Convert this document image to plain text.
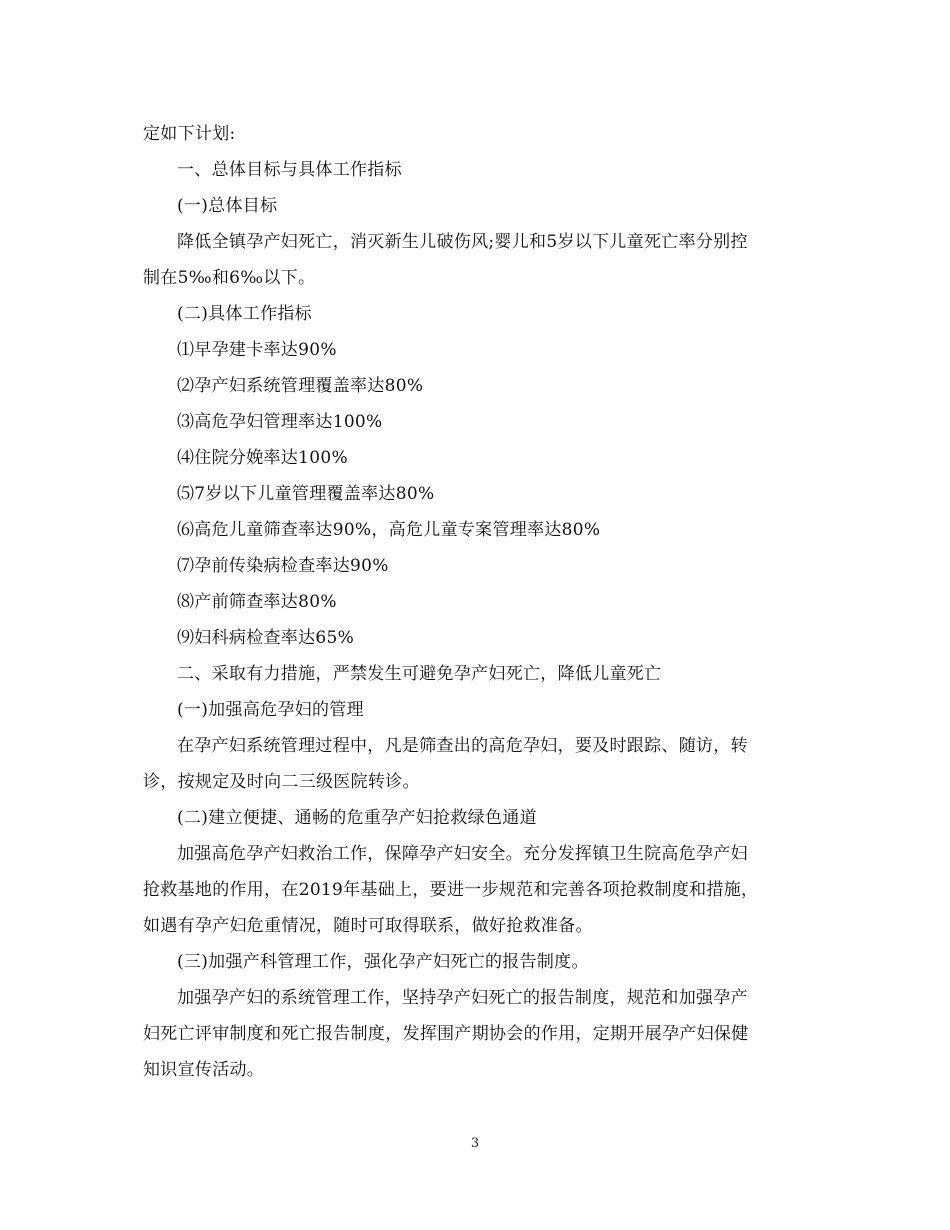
定如下计划:
一、总体目标与具体工作指标
(一)总体目标
降低全镇孕产妇死亡，消灭新生儿破伤风;婴儿和5岁以下儿童死亡率分别控
制在5‰和6‰以下。
(二)具体工作指标
⑴早孕建卡率达90%
⑵孕产妇系统管理覆盖率达80%
⑶高危孕妇管理率达100%
⑷住院分娩率达100%
⑸7岁以下儿童管理覆盖率达80%
⑹高危儿童筛查率达90%，高危儿童专案管理率达80%
⑺孕前传染病检查率达90%
⑻产前筛查率达80%
⑼妇科病检查率达65%
二、采取有力措施，严禁发生可避免孕产妇死亡，降低儿童死亡
(一)加强高危孕妇的管理
在孕产妇系统管理过程中，凡是筛查出的高危孕妇，要及时跟踪、随访，转
诊，按规定及时向二三级医院转诊。
(二)建立便捷、通畅的危重孕产妇抢救绿色通道
加强高危孕产妇救治工作，保障孕产妇安全。充分发挥镇卫生院高危孕产妇
抢救基地的作用，在2019年基础上，要进一步规范和完善各项抢救制度和措施，
如遇有孕产妇危重情况，随时可取得联系，做好抢救准备。
(三)加强产科管理工作，强化孕产妇死亡的报告制度。
加强孕产妇的系统管理工作，坚持孕产妇死亡的报告制度，规范和加强孕产
妇死亡评审制度和死亡报告制度，发挥围产期协会的作用，定期开展孕产妇保健
知识宣传活动。
3
